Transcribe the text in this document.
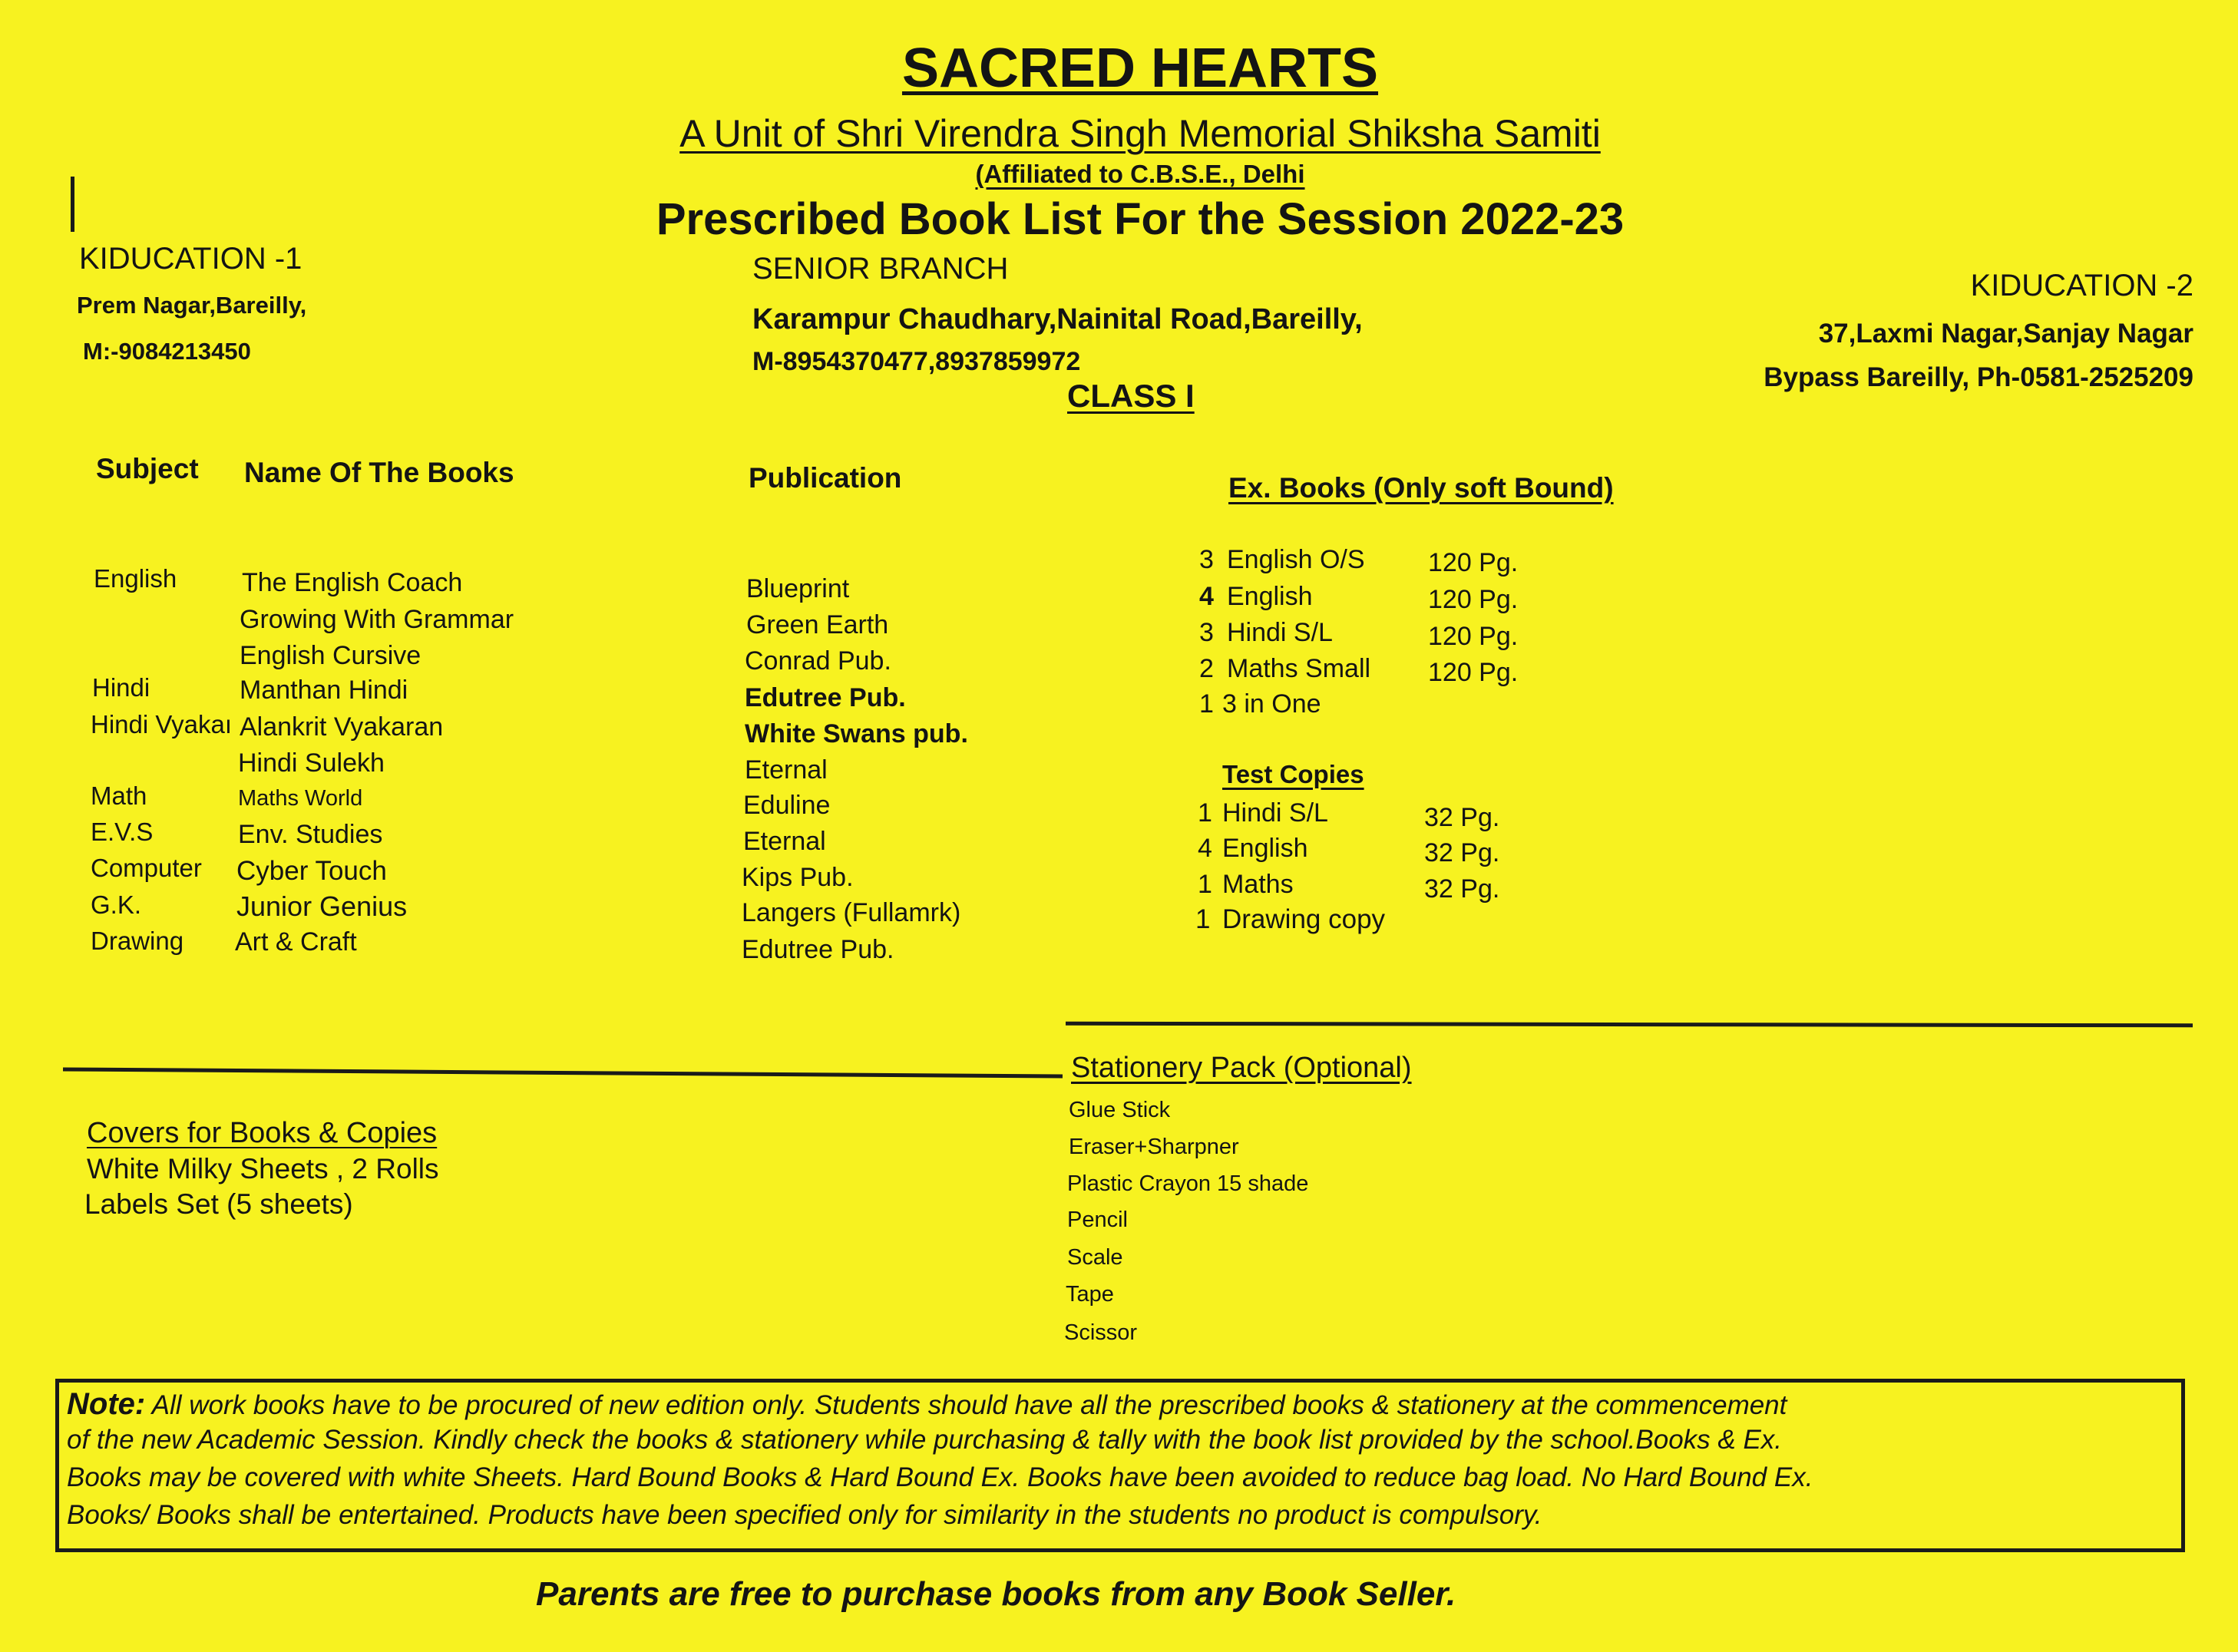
SACRED HEARTS
A Unit of Shri Virendra Singh Memorial Shiksha Samiti
(Affiliated to C.B.S.E., Delhi
Prescribed Book List For the Session 2022-23
KIDUCATION -1
Prem Nagar,Bareilly,
M:-9084213450
SENIOR BRANCH
Karampur Chaudhary,Nainital Road,Bareilly,
M-8954370477,8937859972
KIDUCATION -2
37,Laxmi Nagar,Sanjay Nagar
Bypass Bareilly, Ph-0581-2525209
CLASS I
Subject Name Of The Books	Publication	Ex. Books (Only soft Bound)
English The English Coach	Blueprint
Growing With Grammar	Green Earth
English Cursive	Conrad Pub.
Hindi	Manthan Hindi	Edutree Pub.
Hindi Vyakaı Alankrit Vyakaran	White Swans pub.
Hindi Sulekh	Eternal
Math	Maths World	Eduline
E.V.S	Env. Studies	Eternal
Computer Cyber Touch	Kips Pub.
G.K.	Junior Genius	Langers (Fullamrk)
Drawing Art & Craft	Edutree Pub.
3 English O/S 120 Pg.
4 English	120 Pg.
3 Hindi S/L	120 Pg.
2 Maths Small 120 Pg.
1 3 in One
Test Copies
1 Hindi S/L	32 Pg.
4 English	32 Pg.
1 Maths	32 Pg.
1 Drawing copy
Covers for Books & Copies
White Milky Sheets , 2 Rolls
Labels Set (5 sheets)
Stationery Pack (Optional)
Glue Stick
Eraser+Sharpner
Plastic Crayon 15 shade
Pencil
Scale
Tape
Scissor
Note: All work books have to be procured of new edition only. Students should have all the prescribed books & stationery at the commencement
of the new Academic Session. Kindly check the books & stationery while purchasing & tally with the book list provided by the school.Books & Ex.
Books may be covered with white Sheets. Hard Bound Books & Hard Bound Ex. Books have been avoided to reduce bag load. No Hard Bound Ex.
Books/ Books shall be entertained. Products have been specified only for similarity in the students no product is compulsory.
Parents are free to purchase books from any Book Seller.
